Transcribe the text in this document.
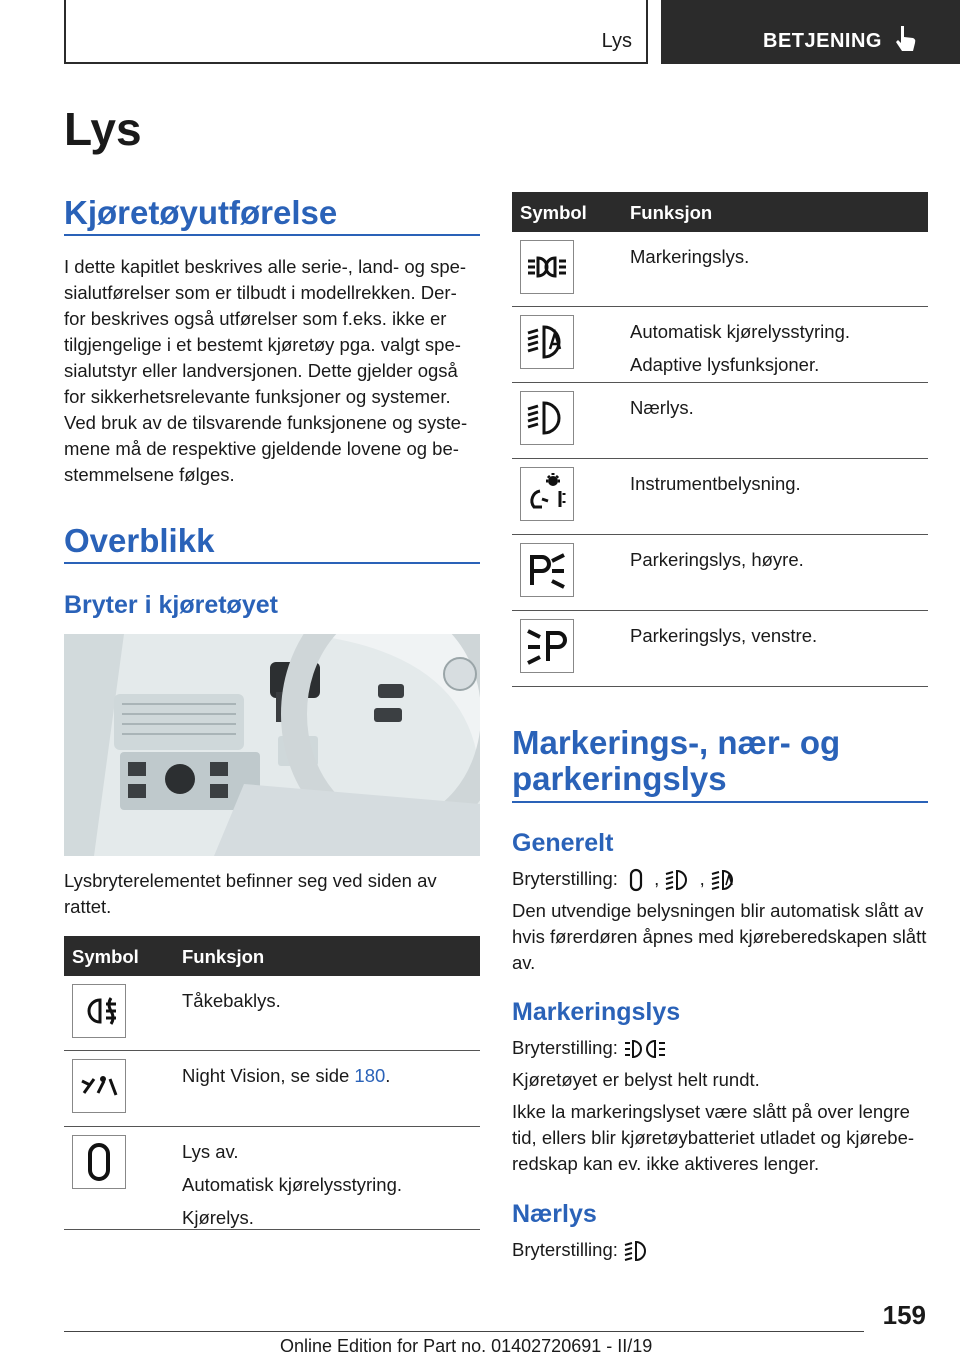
Lys	BETJENING
Lys
Kjøretøyutførelse

I dette kapitlet beskrives alle serie-, land- og spe- sialutførelser som er tilbudt i modellrekken. Der- for beskrives også utførelser som f.eks. ikke er tilgjengelige i et bestemt kjøretøy pga. valgt spe- sialutstyr eller landversjonen. Dette gjelder også for sikkerhetsrelevante funksjoner og systemer. Ved bruk av de tilsvarende funksjonene og syste- mene må de respektive gjeldende lovene og be- stemmelsene følges.

Overblikk
Bryter i kjøretøyet

Lysbryterelementet befinner seg ved siden av rattet.

Symbol Funksjon
Tåkebaklys.
Night Vision, se side 180.
Lys av.
Automatisk kjørelysstyring.
Kjørelys.
Symbol Funksjon
Markeringslys.
Automatisk kjørelysstyring.
Adaptive lysfunksjoner.
Nærlys.
Instrumentbelysning.
Parkeringslys, høyre.
Parkeringslys, venstre.
Markerings-, nær- og
parkeringslys
Generelt
Bryterstilling: , ,

Den utvendige belysningen blir automatisk slått av hvis førerdøren åpnes med kjøreberedskapen slått av.

Markeringslys
Bryterstilling:

Kjøretøyet er belyst helt rundt.

Ikke la markeringslyset være slått på over lengre tid, ellers blir kjøretøybatteriet utladet og kjørebe- redskap kan ev. ikke aktiveres lenger.

Nærlys
Bryterstilling:
159
Online Edition for Part no. 01402720691 - II/19
